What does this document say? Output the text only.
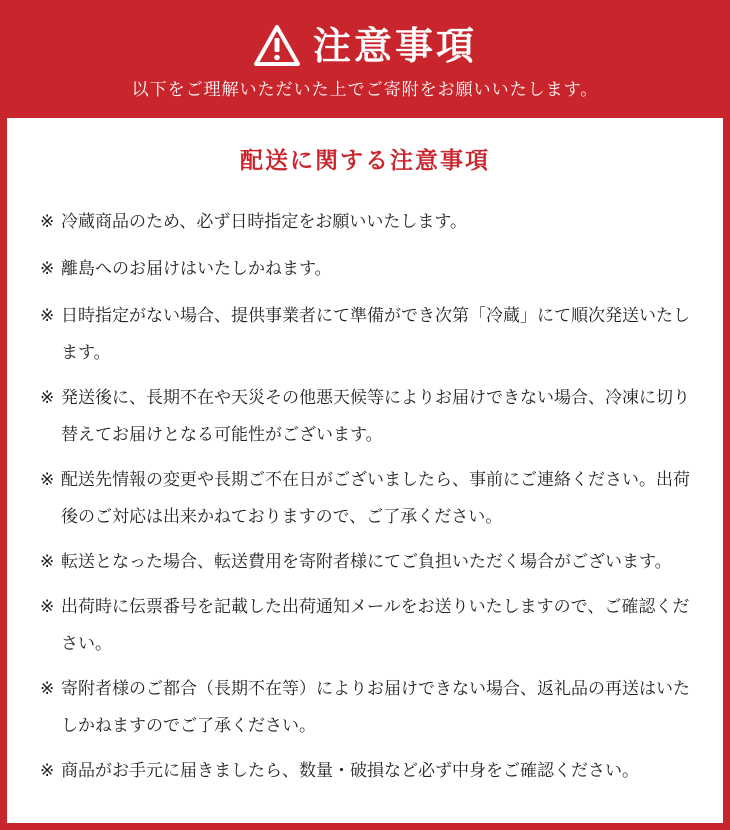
注意事項
以下をご理解いただいた上でご寄附をお願いいたします。
配送に関する注意事項
※ 冷蔵商品のため、必ず日時指定をお願いいたします。
※ 離島へのお届けはいたしかねます。
※ 日時指定がない場合、提供事業者にて準備ができ次第「冷蔵」にて順次発送いたします。
※ 発送後に、長期不在や天災その他悪天候等によりお届けできない場合、冷凍に切り替えてお届けとなる可能性がございます。
※ 配送先情報の変更や長期ご不在日がございましたら、事前にご連絡ください。出荷後のご対応は出来かねておりますので、ご了承ください。
※ 転送となった場合、転送費用を寄附者様にてご負担いただく場合がございます。
※ 出荷時に伝票番号を記載した出荷通知メールをお送りいたしますので、ご確認ください。
※ 寄附者様のご都合（長期不在等）によりお届けできない場合、返礼品の再送はいたしかねますのでご了承ください。
※ 商品がお手元に届きましたら、数量・破損など必ず中身をご確認ください。
